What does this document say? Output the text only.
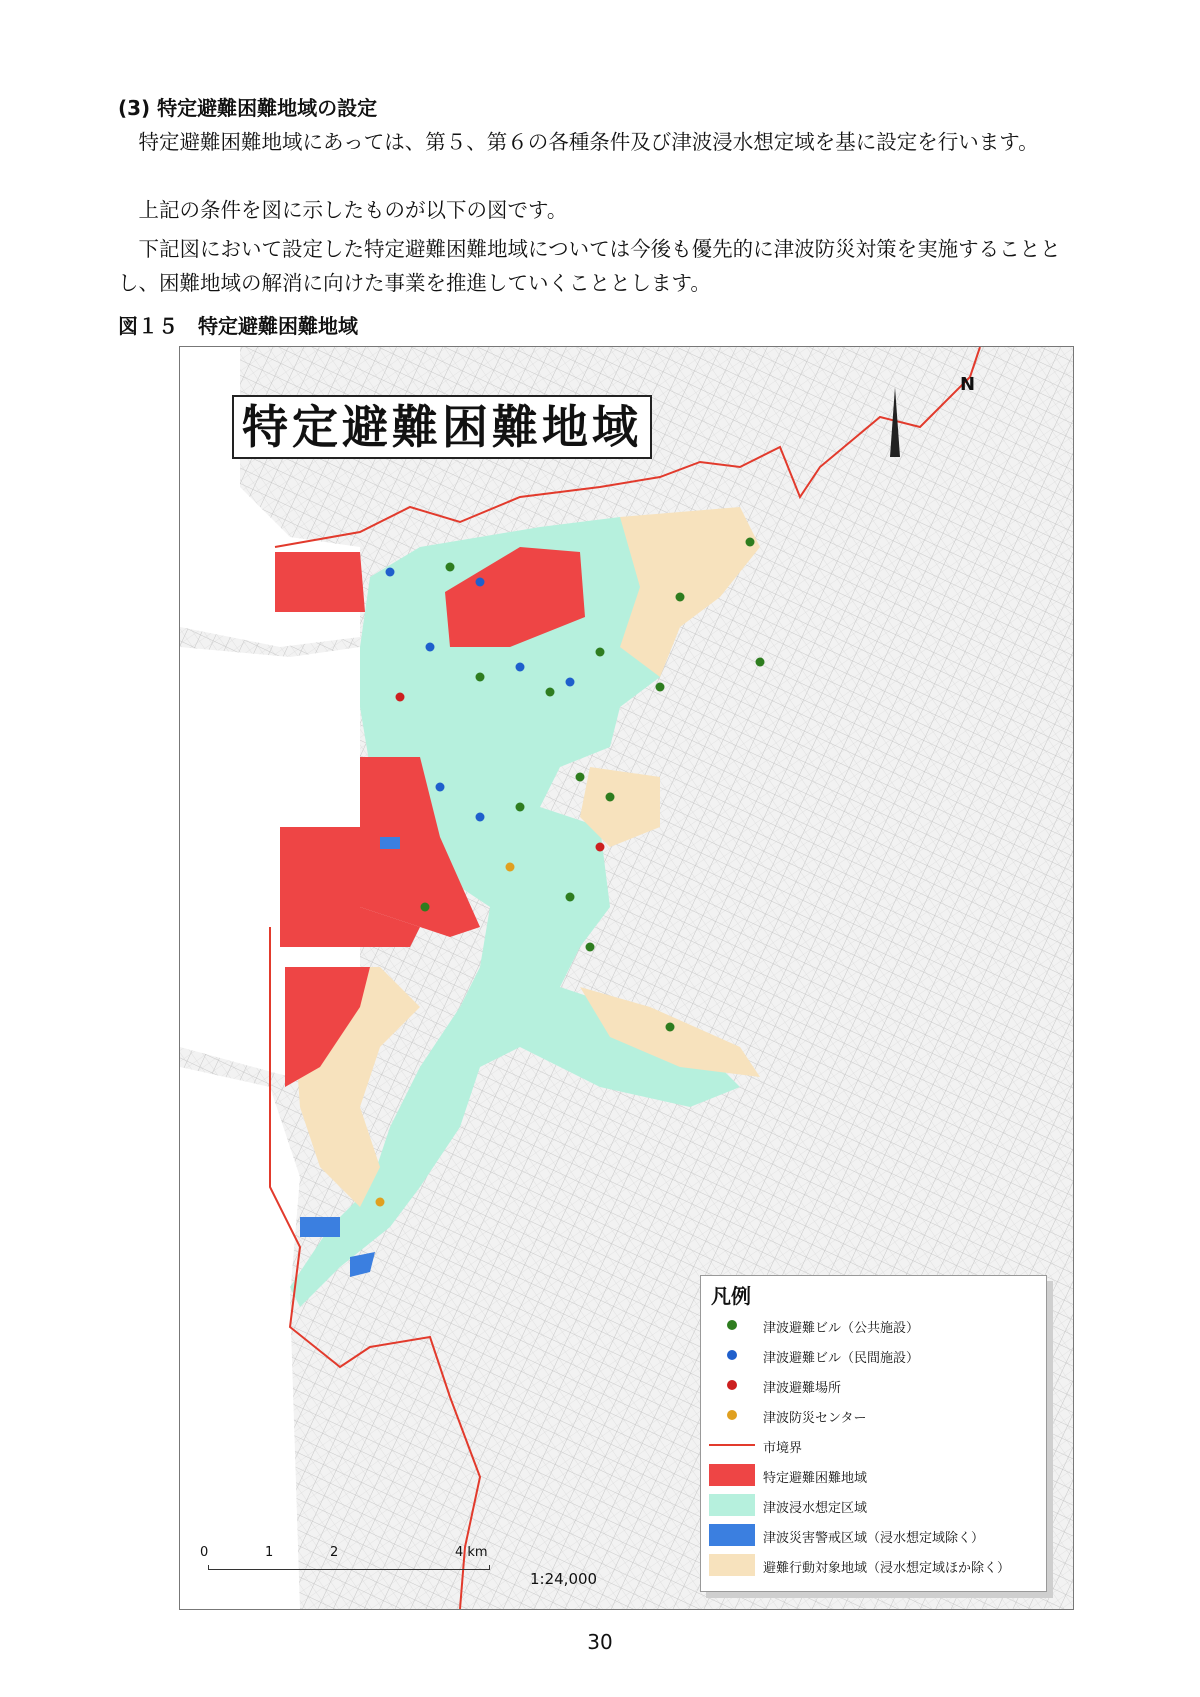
(3) 特定避難困難地域の設定
　特定避難困難地域にあっては、第５、第６の各種条件及び津波浸水想定域を基に設定を行います。
　上記の条件を図に示したものが以下の図です。
　下記図において設定した特定避難困難地域については今後も優先的に津波防災対策を実施することとし、困難地域の解消に向けた事業を推進していくこととします。
図１５　特定避難困難地域
特定避難困難地域
N
凡例
津波避難ビル（公共施設）
津波避難ビル（民間施設）
津波避難場所
津波防災センター
市境界
特定避難困難地域
津波浸水想定区域
津波災害警戒区域（浸水想定域除く）
避難行動対象地域（浸水想定域ほか除く）
0	1	2	4 km
1:24,000
30
